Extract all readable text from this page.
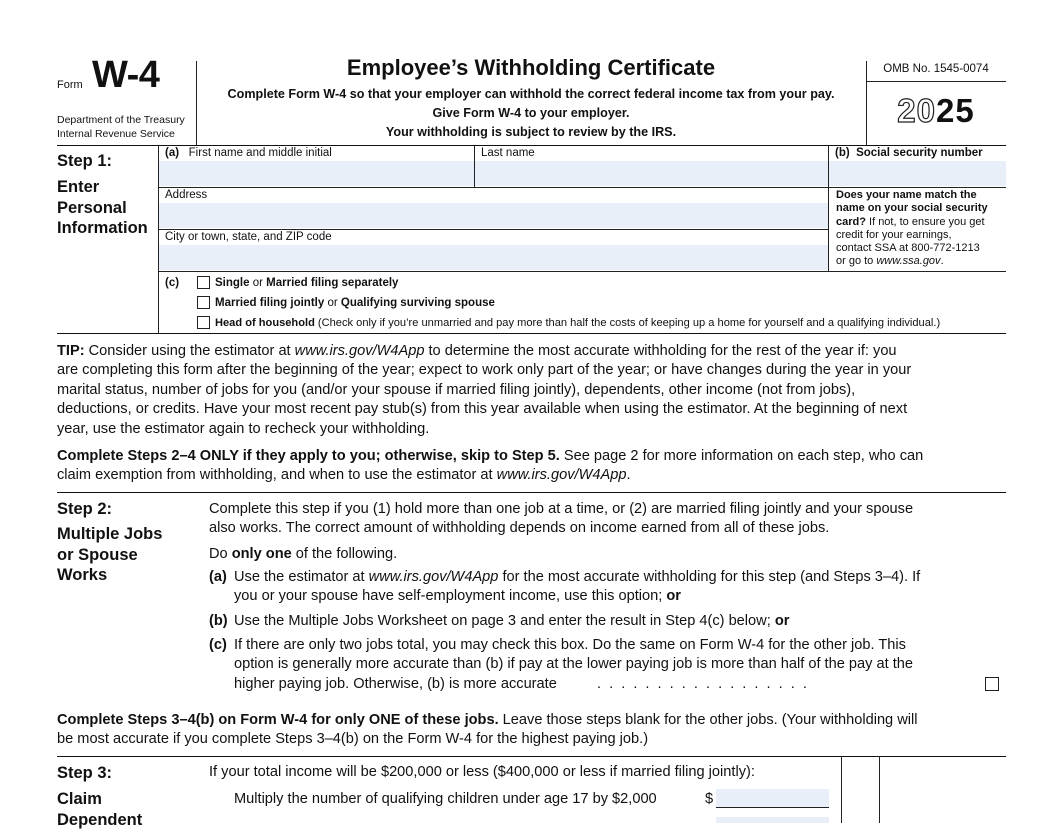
Form W-4
Department of the Treasury
Internal Revenue Service
Employee’s Withholding Certificate
Complete Form W-4 so that your employer can withhold the correct federal income tax from your pay.
Give Form W-4 to your employer.
Your withholding is subject to review by the IRS.
OMB No. 1545-0074
2025
Step 1:
Enter
Personal
Information
(a) First name and middle initial	Last name	(b) Social security number
Address
City or town, state, and ZIP code
Does your name match the
name on your social security
card? If not, to ensure you get
credit for your earnings,
contact SSA at 800-772-1213
or go to www.ssa.gov.
(c)	Single or Married filing separately
Married filing jointly or Qualifying surviving spouse
Head of household (Check only if you’re unmarried and pay more than half the costs of keeping up a home for yourself and a qualifying individual.)
TIP: Consider using the estimator at www.irs.gov/W4App to determine the most accurate withholding for the rest of the year if: you
are completing this form after the beginning of the year; expect to work only part of the year; or have changes during the year in your
marital status, number of jobs for you (and/or your spouse if married filing jointly), dependents, other income (not from jobs),
deductions, or credits. Have your most recent pay stub(s) from this year available when using the estimator. At the beginning of next
year, use the estimator again to recheck your withholding.
Complete Steps 2–4 ONLY if they apply to you; otherwise, skip to Step 5. See page 2 for more information on each step, who can
claim exemption from withholding, and when to use the estimator at www.irs.gov/W4App.
Step 2:
Multiple Jobs
or Spouse
Works
Complete this step if you (1) hold more than one job at a time, or (2) are married filing jointly and your spouse
also works. The correct amount of withholding depends on income earned from all of these jobs.
Do only one of the following.
(a) Use the estimator at www.irs.gov/W4App for the most accurate withholding for this step (and Steps 3–4). If
you or your spouse have self-employment income, use this option; or
(b) Use the Multiple Jobs Worksheet on page 3 and enter the result in Step 4(c) below; or
(c) If there are only two jobs total, you may check this box. Do the same on Form W-4 for the other job. This
option is generally more accurate than (b) if pay at the lower paying job is more than half of the pay at the
higher paying job. Otherwise, (b) is more accurate	. . . . . . . . . . . . . . . . . .
Complete Steps 3–4(b) on Form W-4 for only ONE of these jobs. Leave those steps blank for the other jobs. (Your withholding will
be most accurate if you complete Steps 3–4(b) on the Form W-4 for the highest paying job.)
Step 3:
Claim
Dependent
If your total income will be $200,000 or less ($400,000 or less if married filing jointly):
Multiply the number of qualifying children under age 17 by $2,000	$
